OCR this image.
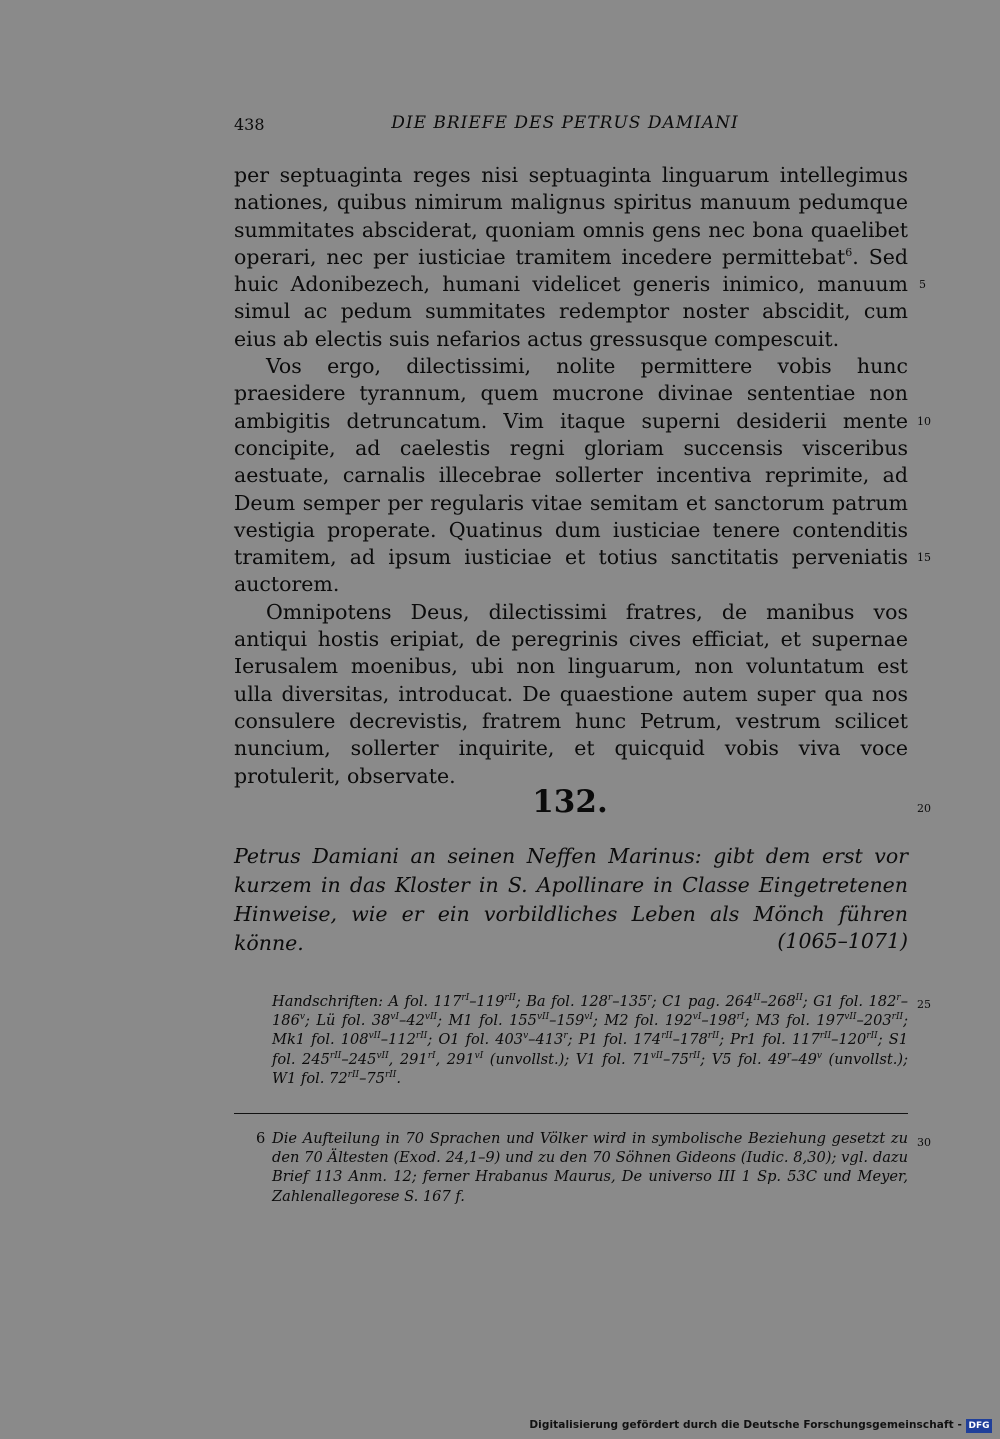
438	DIE BRIEFE DES PETRUS DAMIANI

per septuaginta reges nisi septuaginta linguarum intellegimus nationes, quibus nimirum malignus spiritus manuum pedumque summitates absciderat, quoniam omnis gens nec bona quaelibet operari, nec per iusticiae tramitem incedere permittebat$^6$. Sed huic Adonibezech, humani videlicet generis inimico, manuum simul ac pedum summitates redemptor noster abscidit, cum eius ab electis suis nefarios actus gressusque compescuit.

Vos ergo, dilectissimi, nolite permittere vobis hunc praesidere tyrannum, quem mucrone divinae sententiae non ambigitis detruncatum. Vim itaque superni desiderii mente concipite, ad caelestis regni gloriam succensis visceribus aestuate, carnalis illecebrae sollerter incentiva reprimite, ad Deum semper per regularis vitae semitam et sanctorum patrum vestigia properate. Quatinus dum iusticiae tenere contenditis tramitem, ad ipsum iusticiae et totius sanctitatis perveniatis auctorem.

Omnipotens Deus, dilectissimi fratres, de manibus vos antiqui hostis eripiat, de peregrinis cives efficiat, et supernae Ierusalem moenibus, ubi non linguarum, non voluntatum est ulla diversitas, introducat. De quaestione autem super qua nos consulere decrevistis, fratrem hunc Petrum, vestrum scilicet nuncium, sollerter inquirite, et quicquid vobis viva voce protulerit, observate.

5
10
15
20
25
30
132.
Petrus Damiani an seinen Neffen Marinus: gibt dem erst vor kurzem in das Kloster in S. Apollinare in Classe Eingetretenen Hinweise, wie er ein vorbildliches Leben als Mönch führen könne.	(1065–1071)
Handschriften: A fol. $117^{rI}-119^{rII}$; Ba fol. 128$^r$–135$^r$; C1 pag. $264^{II}-268^{II}$; G1 fol. 182$^r$–186$^v$; Lü fol. $38^{vI}-42^{vII}$; M1 fol. $155^{vII}-159^{vI}$; M2 fol. $192^{vI}-198^{rI}$; M3 fol. $197^{vII}-203^{rII}$; Mk1 fol. $108^{vII}-112^{rII}$; O1 fol. 403$^v$–413$^r$; P1 fol. $174^{rII}-178^{rII}$; Pr1 fol. $117^{rII}-120^{rII}$; S1 fol. $245^{rII}-245^{vII}$, $291^{rI}$, $291^{vI}$ (unvollst.); V1 fol. $71^{vII}-75^{rII}$; V5 fol. 49$^r$–49$^v$ (unvollst.); W1 fol. $72^{rII}-75^{rII}$.
6 Die Aufteilung in 70 Sprachen und Völker wird in symbolische Beziehung gesetzt zu den 70 Ältesten (Exod. 24,1–9) und zu den 70 Söhnen Gideons (Iudic. 8,30); vgl. dazu Brief 113 Anm. 12; ferner Hrabanus Maurus, De universo III 1 Sp. 53C und Meyer, Zahlenallegorese S. 167 f.
Digitalisierung gefördert durch die Deutsche Forschungsgemeinschaft - DFG
